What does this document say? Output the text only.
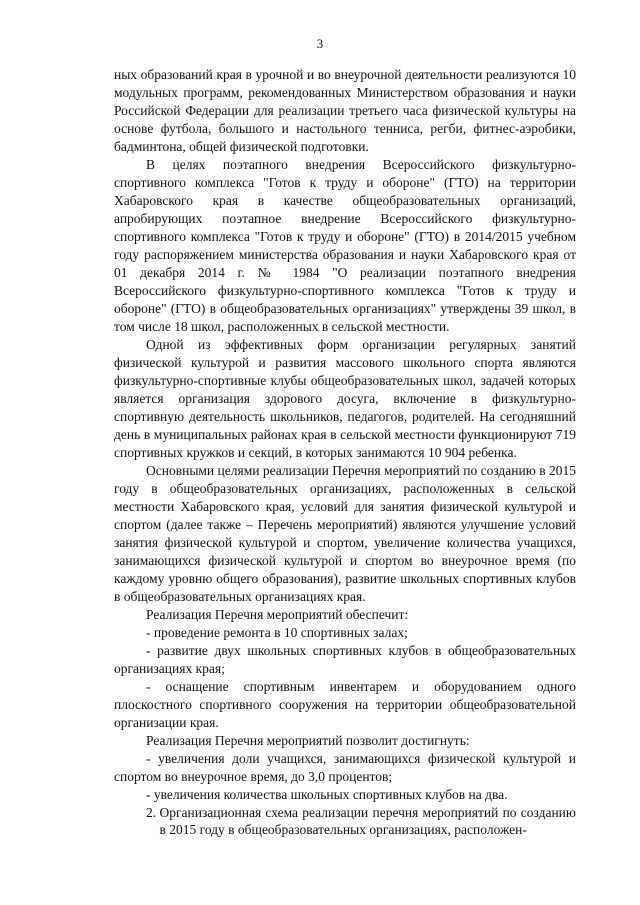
3

ных образований края в урочной и во внеурочной деятельности реализуются 10 модульных программ, рекомендованных Министерством образования и науки Российской Федерации для реализации третьего часа физической культуры на основе футбола, большого и настольного тенниса, регби, фитнес-аэробики, бадминтона, общей физической подготовки.

В целях поэтапного внедрения Всероссийского физкультурно-спортивного комплекса "Готов к труду и обороне" (ГТО) на территории Хабаровского края в качестве общеобразовательных организаций, апробирующих поэтапное внедрение Всероссийского физкультурно-спортивного комплекса "Готов к труду и обороне" (ГТО) в 2014/2015 учебном году распоряжением министерства образования и науки Хабаровского края от 01 декабря 2014 г. № 1984 "О реализации поэтапного внедрения Всероссийского физкультурно-спортивного комплекса "Готов к труду и обороне" (ГТО) в общеобразовательных организациях" утверждены 39 школ, в том числе 18 школ, расположенных в сельской местности.

Одной из эффективных форм организации регулярных занятий физической культурой и развития массового школьного спорта являются физкультурно-спортивные клубы общеобразовательных школ, задачей которых является организация здорового досуга, включение в физкультурно-спортивную деятельность школьников, педагогов, родителей. На сегодняшний день в муниципальных районах края в сельской местности функционируют 719 спортивных кружков и секций, в которых занимаются 10 904 ребенка.

Основными целями реализации Перечня мероприятий по созданию в 2015 году в общеобразовательных организациях, расположенных в сельской местности Хабаровского края, условий для занятия физической культурой и спортом (далее также – Перечень мероприятий) являются улучшение условий занятия физической культурой и спортом, увеличение количества учащихся, занимающихся физической культурой и спортом во внеурочное время (по каждому уровню общего образования), развитие школьных спортивных клубов в общеобразовательных организациях края.

Реализация Перечня мероприятий обеспечит:

- проведение ремонта в 10 спортивных залах;

- развитие двух школьных спортивных клубов в общеобразовательных организациях края;

- оснащение спортивным инвентарем и оборудованием одного плоскостного спортивного сооружения на территории общеобразовательной организации края.

Реализация Перечня мероприятий позволит достигнуть:

- увеличения доли учащихся, занимающихся физической культурой и спортом во внеурочное время, до 3,0 процентов;

- увеличения количества школьных спортивных клубов на два.

2. Организационная схема реализации перечня мероприятий по созданию в 2015 году в общеобразовательных организациях, расположен-
